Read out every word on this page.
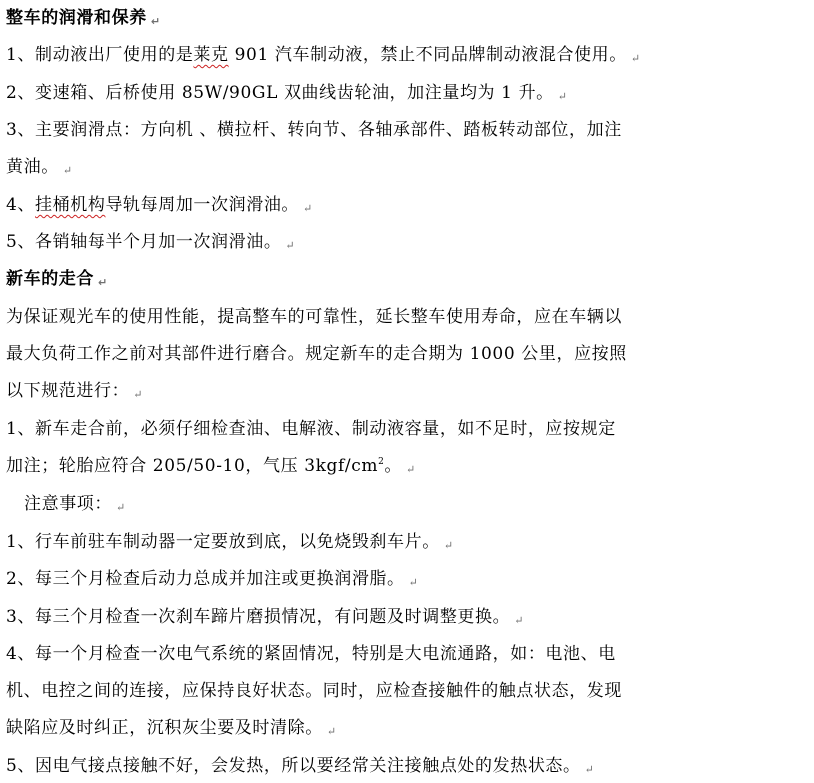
整车的润滑和保养 ↵
1、制动液出厂使用的是莱克 901 汽车制动液，禁止不同品牌制动液混合使用。 ↵
2、变速箱、后桥使用 85W/90GL 双曲线齿轮油，加注量均为 1 升。 ↵
3、主要润滑点：方向机 、横拉杆、转向节、各轴承部件、踏板转动部位，加注
黄油。 ↵
4、挂桶机构导轨每周加一次润滑油。 ↵
5、各销轴每半个月加一次润滑油。 ↵
新车的走合 ↵
为保证观光车的使用性能，提高整车的可靠性，延长整车使用寿命，应在车辆以
最大负荷工作之前对其部件进行磨合。规定新车的走合期为 1000 公里，应按照
以下规范进行： ↵
1、新车走合前，必须仔细检查油、电解液、制动液容量，如不足时，应按规定
加注；轮胎应符合 205/50-10，气压 $3kgf/cm^2$。 ↵
注意事项： ↵
1、行车前驻车制动器一定要放到底，以免烧毁刹车片。 ↵
2、每三个月检查后动力总成并加注或更换润滑脂。 ↵
3、每三个月检查一次刹车蹄片磨损情况，有问题及时调整更换。 ↵
4、每一个月检查一次电气系统的紧固情况，特别是大电流通路，如：电池、电
机、电控之间的连接，应保持良好状态。同时，应检查接触件的触点状态，发现
缺陷应及时纠正，沉积灰尘要及时清除。 ↵
5、因电气接点接触不好，会发热，所以要经常关注接触点处的发热状态。 ↵
